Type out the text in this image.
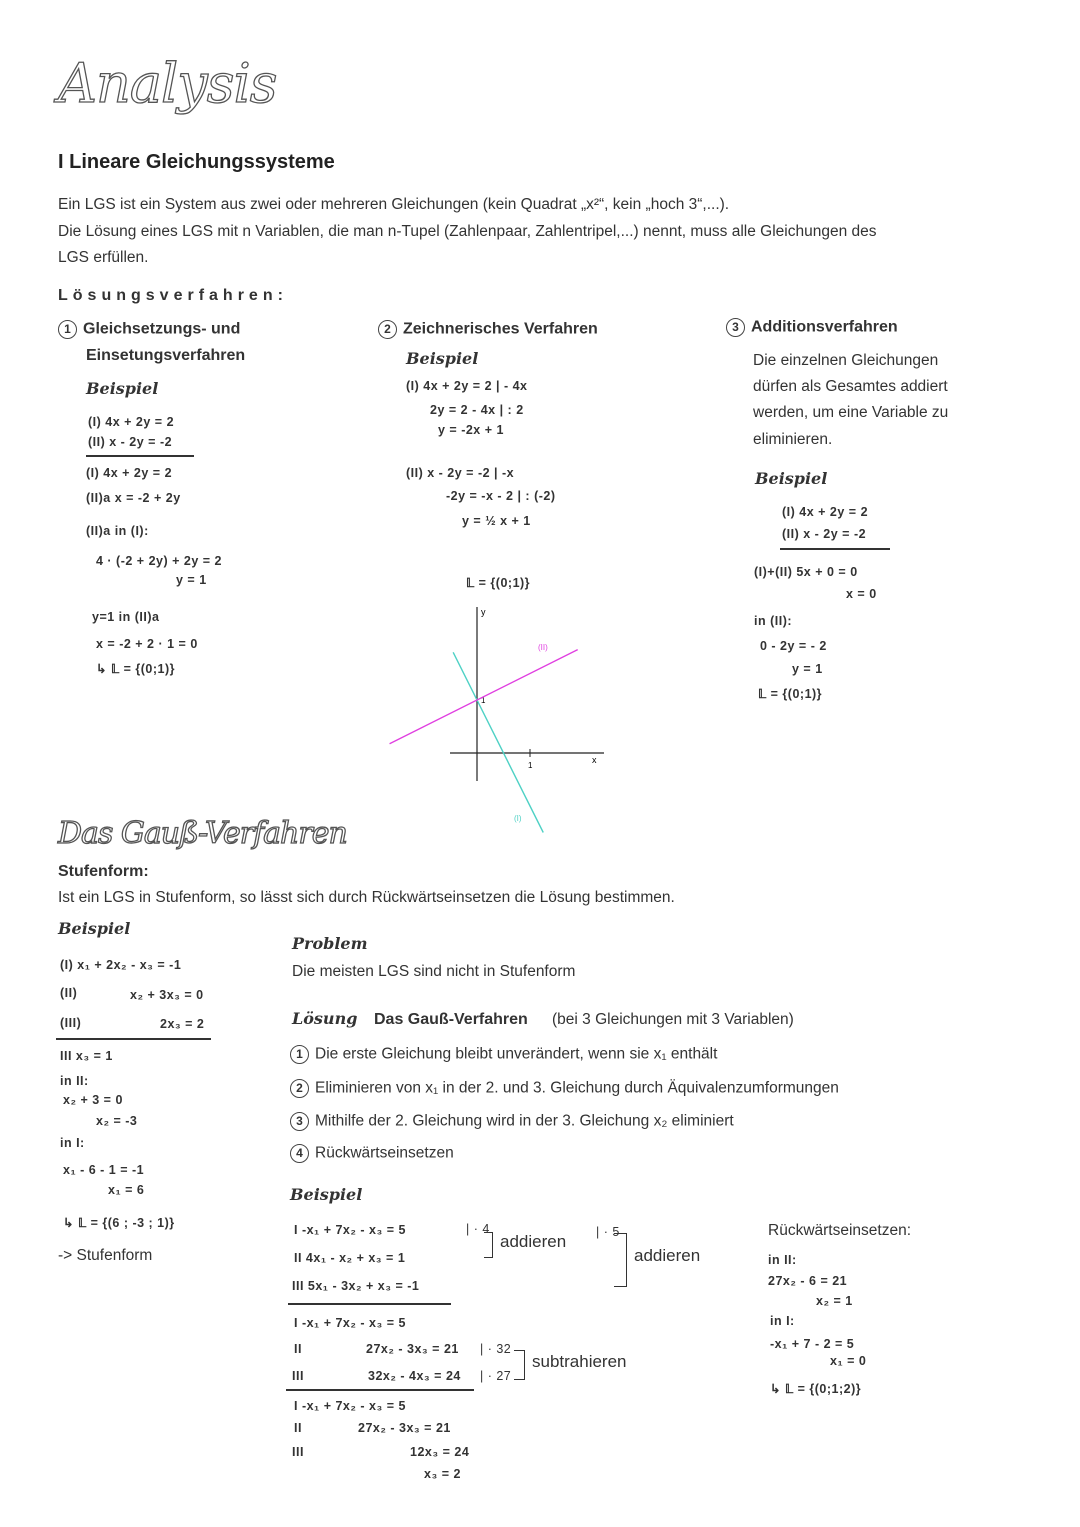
Analysis
I Lineare Gleichungssysteme
Ein LGS ist ein System aus zwei oder mehreren Gleichungen (kein Quadrat „x²“, kein „hoch 3“,...).
Die Lösung eines LGS mit n Variablen, die man n-Tupel (Zahlenpaar, Zahlentripel,...) nennt, muss alle Gleichungen des
LGS erfüllen.
Lösungsverfahren:
1 Gleichsetzungs- und
Einsetungsverfahren
Beispiel
(I) 4x + 2y = 2
(II) x - 2y = -2
(I) 4x + 2y = 2
(II)a x = -2 + 2y
(II)a in (I):
4 · (-2 + 2y) + 2y = 2
y = 1
y=1 in (II)a
x = -2 + 2 · 1 = 0
↳ 𝕃 = {(0;1)}
2 Zeichnerisches Verfahren
Beispiel
(I) 4x + 2y = 2 | - 4x
2y = 2 - 4x | : 2
y = -2x + 1
(II) x - 2y = -2 | -x
-2y = -x - 2 | : (-2)
y = ½ x + 1
𝕃 = {(0;1)}
1
1
x
y
(I)
(II)
3 Additionsverfahren
Die einzelnen Gleichungen
dürfen als Gesamtes addiert
werden, um eine Variable zu
eliminieren.
Beispiel
(I) 4x + 2y = 2
(II) x - 2y = -2
(I)+(II) 5x + 0 = 0
x = 0
in (II):
0 - 2y = - 2
y = 1
𝕃 = {(0;1)}
Das Gauß-Verfahren
Stufenform:
Ist ein LGS in Stufenform, so lässt sich durch Rückwärtseinsetzen die Lösung bestimmen.
Beispiel
(I) x₁ + 2x₂ - x₃ = -1
(II)	x₂ + 3x₃ = 0
(III)	2x₃ = 2
III x₃ = 1
in II:
x₂ + 3 = 0
x₂ = -3
in I:
x₁ - 6 - 1 = -1
x₁ = 6
↳ 𝕃 = {(6 ; -3 ; 1)}
-> Stufenform
Problem
Die meisten LGS sind nicht in Stufenform
Lösung Das Gauß-Verfahren (bei 3 Gleichungen mit 3 Variablen)
1 Die erste Gleichung bleibt unverändert, wenn sie x₁ enthält
2 Eliminieren von x₁ in der 2. und 3. Gleichung durch Äquivalenzumformungen
3 Mithilfe der 2. Gleichung wird in der 3. Gleichung x₂ eliminiert
4 Rückwärtseinsetzen
Beispiel
I -x₁ + 7x₂ - x₃ = 5
II 4x₁ - x₂ + x₃ = 1
III 5x₁ - 3x₂ + x₃ = -1
| · 4
addieren | · 5
addieren
I -x₁ + 7x₂ - x₃ = 5
II	27x₂ - 3x₃ = 21
III	32x₂ - 4x₃ = 24
| · 32
| · 27
subtrahieren
I -x₁ + 7x₂ - x₃ = 5
II	27x₂ - 3x₃ = 21
III	12x₃ = 24
x₃ = 2
Rückwärtseinsetzen:
in II:
27x₂ - 6 = 21
x₂ = 1
in I:
-x₁ + 7 - 2 = 5
x₁ = 0
↳ 𝕃 = {(0;1;2)}
